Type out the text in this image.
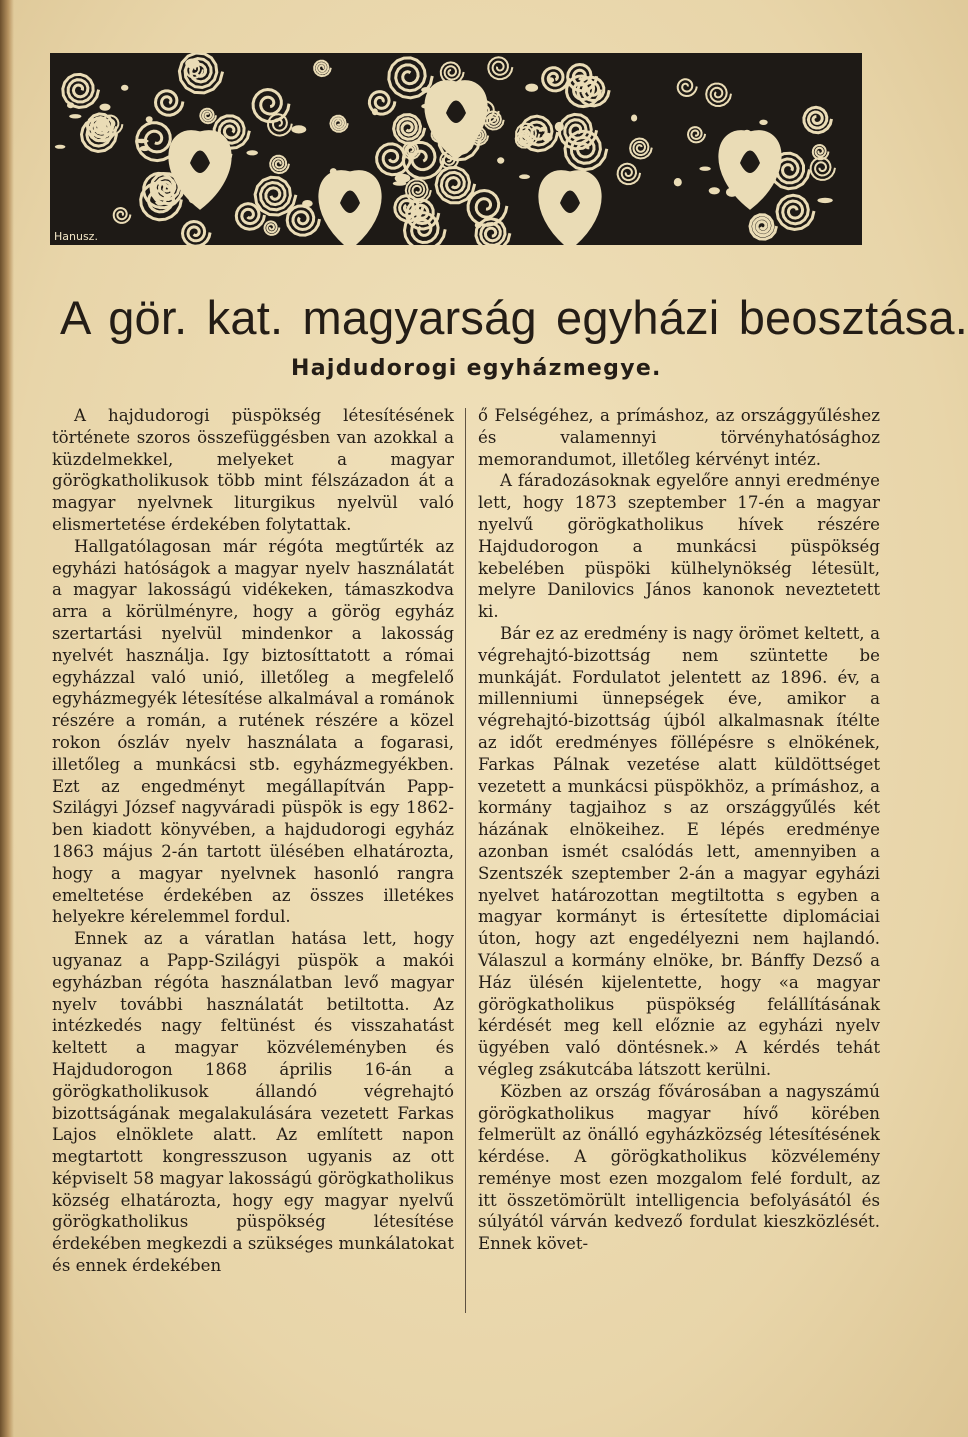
Hanusz.
A gör. kat. magyarság egyházi beosztása.
Hajdudorogi egyházmegye.

A hajdudorogi püspökség létesítésének története szoros összefüggésben van azokkal a küzdelmekkel, melyeket a magyar görögkatholikusok több mint félszázadon át a magyar nyelvnek liturgikus nyelvül való elismertetése érdekében folytattak.

Hallgatólagosan már régóta megtűrték az egyházi hatóságok a magyar nyelv használatát a magyar lakosságú vidékeken, támaszkodva arra a körülményre, hogy a görög egyház szertartási nyelvül mindenkor a lakosság nyelvét használja. Igy biztosíttatott a római egyházzal való unió, illetőleg a megfelelő egyházmegyék létesítése alkalmával a románok részére a román, a rutének részére a közel rokon ószláv nyelv használata a fogarasi, illetőleg a munkácsi stb. egyházmegyékben. Ezt az engedményt megállapítván Papp-Szilágyi József nagyváradi püspök is egy 1862-ben kiadott könyvében, a hajdudorogi egyház 1863 május 2-án tartott ülésében elhatározta, hogy a magyar nyelvnek hasonló rangra emeltetése érdekében az összes illetékes helyekre kérelemmel fordul.

Ennek az a váratlan hatása lett, hogy ugyanaz a Papp-Szilágyi püspök a makói egyházban régóta használatban levő magyar nyelv további használatát betiltotta. Az intézkedés nagy feltünést és visszahatást keltett a magyar közvéleményben és Hajdudorogon 1868 április 16-án a görögkatholikusok állandó végrehajtó bizottságának megalakulására vezetett Farkas Lajos elnöklete alatt. Az említett napon megtartott kongresszuson ugyanis az ott képviselt 58 magyar lakosságú görögkatholikus község elhatározta, hogy egy magyar nyelvű görögkatholikus püspökség létesítése érdekében megkezdi a szükséges munkálatokat és ennek érdekében

ő Felségéhez, a prímáshoz, az országgyűléshez és valamennyi törvényhatósághoz memorandumot, illetőleg kérvényt intéz.

A fáradozásoknak egyelőre annyi eredménye lett, hogy 1873 szeptember 17-én a magyar nyelvű görögkatholikus hívek részére Hajdudorogon a munkácsi püspökség kebelében püspöki külhelynökség létesült, melyre Danilovics János kanonok neveztetett ki.

Bár ez az eredmény is nagy örömet keltett, a végrehajtó-bizottság nem szüntette be munkáját. Fordulatot jelentett az 1896. év, a millenniumi ünnepségek éve, amikor a végrehajtó-bizottság újból alkalmasnak ítélte az időt eredményes föllépésre s elnökének, Farkas Pálnak vezetése alatt küldöttséget vezetett a munkácsi püspökhöz, a prímáshoz, a kormány tagjaihoz s az országgyűlés két házának elnökeihez. E lépés eredménye azonban ismét csalódás lett, amennyiben a Szentszék szeptember 2-án a magyar egyházi nyelvet határozottan megtiltotta s egyben a magyar kormányt is értesítette diplomáciai úton, hogy azt engedélyezni nem hajlandó. Válaszul a kormány elnöke, br. Bánffy Dezső a Ház ülésén kijelentette, hogy «a magyar görögkatholikus püspökség felállításának kérdését meg kell előznie az egyházi nyelv ügyében való döntésnek.» A kérdés tehát végleg zsákutcába látszott kerülni.

Közben az ország fővárosában a nagyszámú görögkatholikus magyar hívő körében felmerült az önálló egyházközség létesítésének kérdése. A görögkatholikus közvélemény reménye most ezen mozgalom felé fordult, az itt összetömörült intelligencia befolyásától és súlyától várván kedvező fordulat kieszközlését. Ennek követ-
